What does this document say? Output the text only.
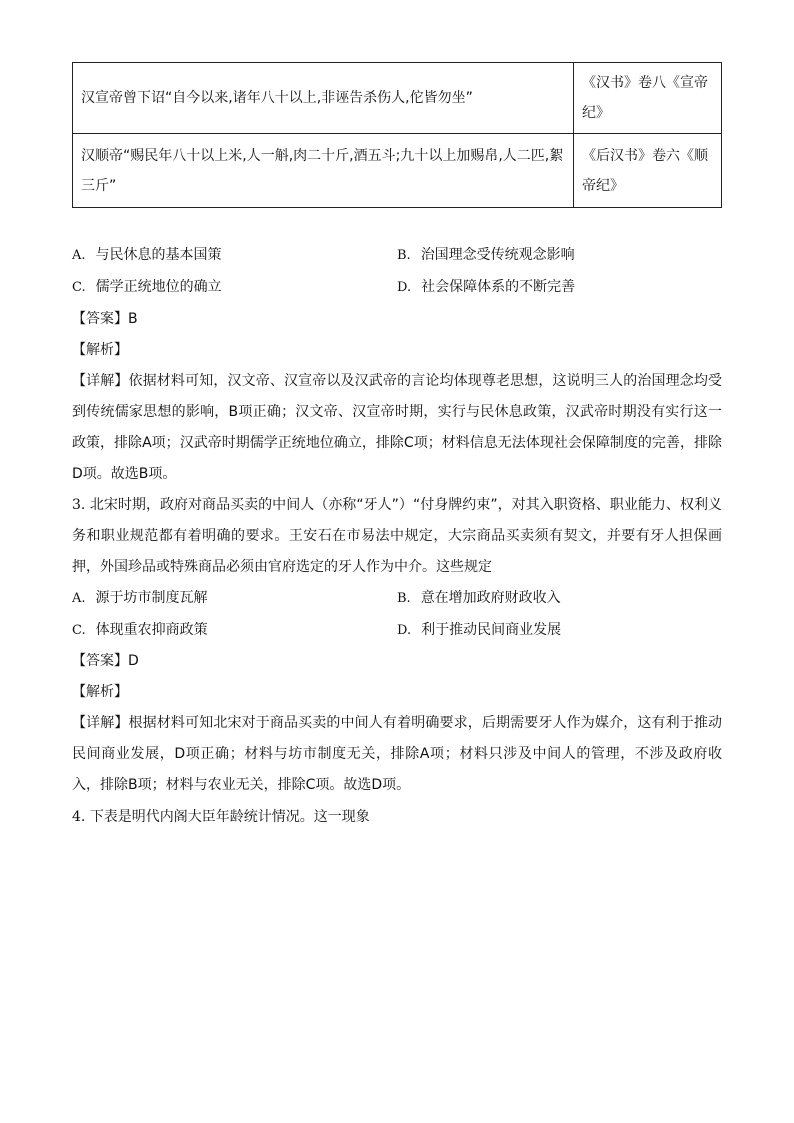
汉宣帝曾下诏“自今以来,诸年八十以上,非诬告杀伤人,佗皆勿坐”	《汉书》卷八《宣帝纪》
汉顺帝“赐民年八十以上米,人一斛,肉二十斤,酒五斗;九十以上加赐帛,人二匹,絮三斤”	《后汉书》卷六《顺帝纪》
A. 与民休息的基本国策	B. 治国理念受传统观念影响
C. 儒学正统地位的确立	D. 社会保障体系的不断完善
【答案】B
【解析】
【详解】依据材料可知，汉文帝、汉宣帝以及汉武帝的言论均体现尊老思想，这说明三人的治国理念均受到传统儒家思想的影响，B项正确；汉文帝、汉宣帝时期，实行与民休息政策，汉武帝时期没有实行这一政策，排除A项；汉武帝时期儒学正统地位确立，排除C项；材料信息无法体现社会保障制度的完善，排除D项。故选B项。
3. 北宋时期，政府对商品买卖的中间人（亦称“牙人”）“付身牌约束”，对其入职资格、职业能力、权利义务和职业规范都有着明确的要求。王安石在市易法中规定，大宗商品买卖须有契文，并要有牙人担保画押，外国珍品或特殊商品必须由官府选定的牙人作为中介。这些规定
A. 源于坊市制度瓦解	B. 意在增加政府财政收入
C. 体现重农抑商政策	D. 利于推动民间商业发展
【答案】D
【解析】
【详解】根据材料可知北宋对于商品买卖的中间人有着明确要求，后期需要牙人作为媒介，这有利于推动民间商业发展，D项正确；材料与坊市制度无关，排除A项；材料只涉及中间人的管理，不涉及政府收入，排除B项；材料与农业无关，排除C项。故选D项。
4. 下表是明代内阁大臣年龄统计情况。这一现象
